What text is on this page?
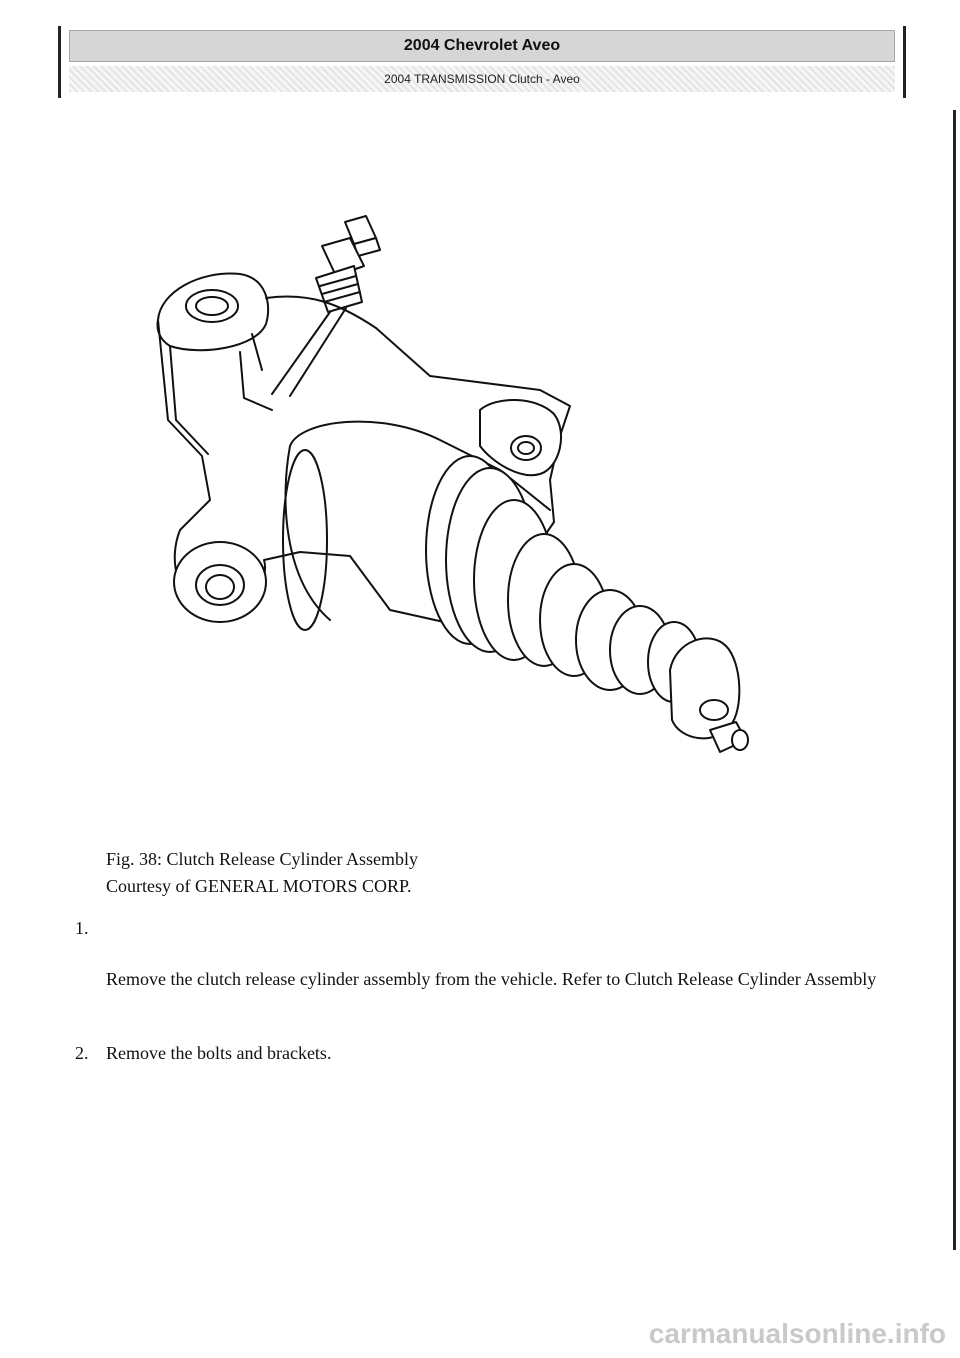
2004 Chevrolet Aveo
2004 TRANSMISSION Clutch - Aveo
Fig. 38: Clutch Release Cylinder Assembly
Courtesy of GENERAL MOTORS CORP.
1.
Remove the clutch release cylinder assembly from the vehicle. Refer to Clutch Release Cylinder Assembly
2. Remove the bolts and brackets.
carmanualsonline.info
